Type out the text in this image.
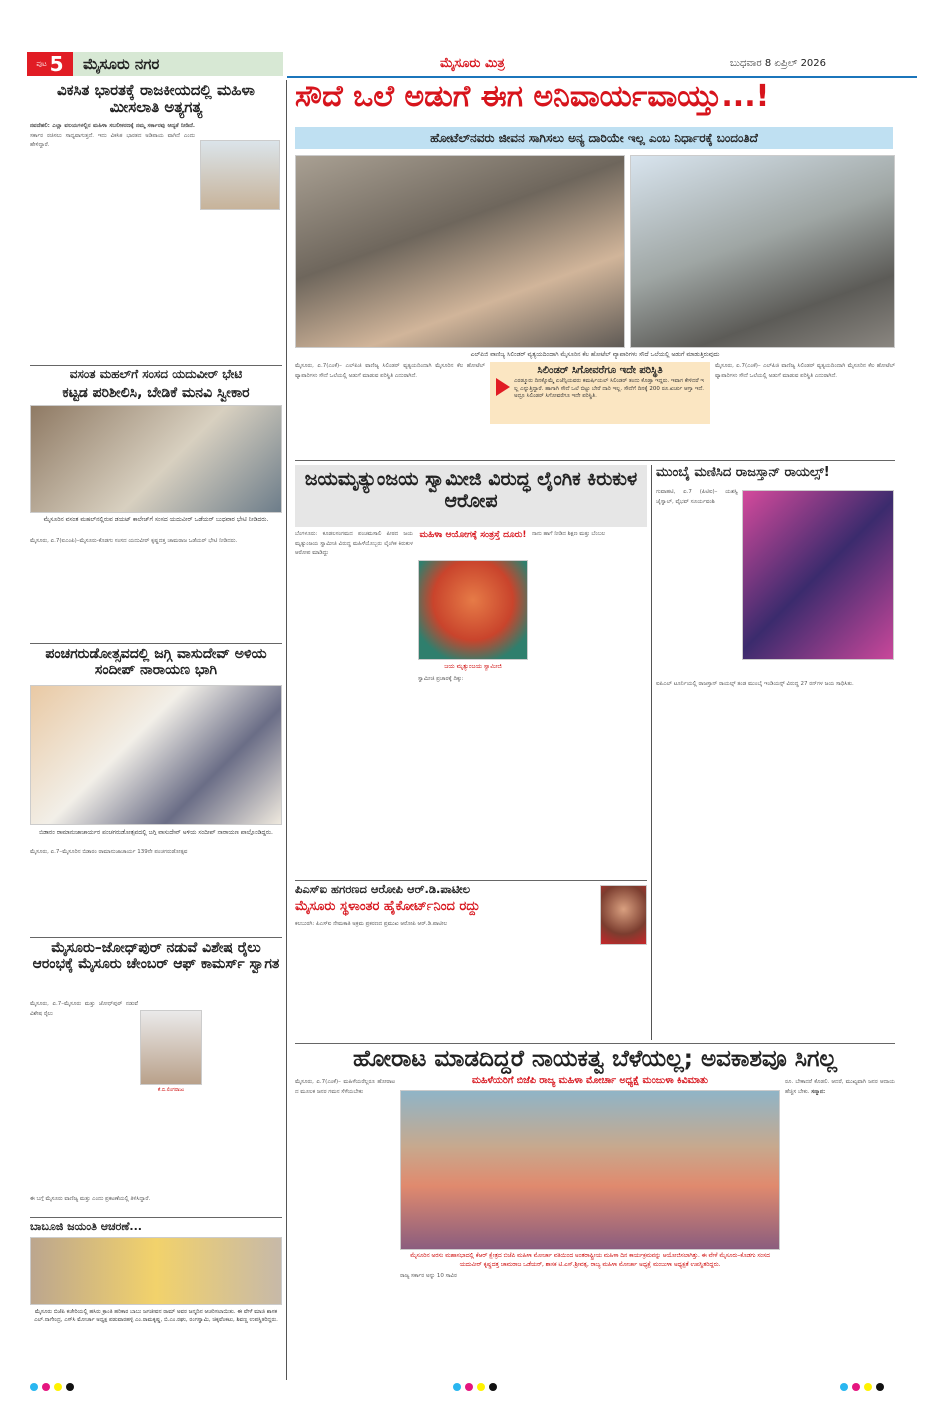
ಪುಟ 5	ಮೈಸೂರು ನಗರ	ಮೈಸೂರು ಮಿತ್ರ	ಬುಧವಾರ 8 ಏಪ್ರಿಲ್ 2026
ವಿಕಸಿತ ಭಾರತಕ್ಕೆ ರಾಜಕೀಯದಲ್ಲಿ ಮಹಿಳಾ ಮೀಸಲಾತಿ ಅತ್ಯಗತ್ಯ
ನವದೆಹಲಿ: ಎಲ್ಲಾ ವಲಯಗಳಲ್ಲಿನ ಮಹಿಳಾ ಸಬಲೀಕರಣಕ್ಕೆ ನಮ್ಮ ಸರ್ಕಾರವು ಆದ್ಯತೆ ನೀಡಿದೆ. ಸರ್ಕಾರ ರಚಿಸಲು ಸಾಧ್ಯವಾಗುತ್ತದೆ. ಇದು ವಿಕಸಿತ ಭಾರತದ ಅಡಿಪಾಯ ವಾಗಿದೆ ಎಂದು ಹೇಳಿದ್ದಾರೆ.
ವಸಂತ ಮಹಲ್‌ಗೆ ಸಂಸದ ಯದುವೀರ್ ಭೇಟಿ
ಕಟ್ಟಡ ಪರಿಶೀಲಿಸಿ, ಬೇಡಿಕೆ ಮನವಿ ಸ್ವೀಕಾರ
ಮೈಸೂರಿನ ವಸಂತ ಮಹಲ್‌ನಲ್ಲಿರುವ ಡಯಟ್ ಕಾಲೇಜ್‌ಗೆ ಸಂಸದ ಯದುವೀರ್ ಒಡೆಯರ್ ಬುಧವಾರ ಭೇಟಿ ನೀಡಿದರು.
ಮೈಸೂರು, ಏ.7(ಐಎಂಪಿ)–ಮೈಸೂರು-ಕೊಡಗು ಸಂಸದ ಯದುವೀರ್ ಕೃಷ್ಣದತ್ತ ಚಾಮರಾಜ ಒಡೆಯರ್ ಭೇಟಿ ನೀಡಿದರು.
ಪಂಚಗರುಡೋತ್ಸವದಲ್ಲಿ ಜಗ್ಗಿ ವಾಸುದೇವ್ ಅಳಿಯ ಸಂದೀಪ್ ನಾರಾಯಣ ಭಾಗಿ
ಬಿಡಾರಂ ರಾಮಾನುಜಾಚಾರ್ಯರ ಪಂಚಗರುಡೋತ್ಸವದಲ್ಲಿ ಜಗ್ಗಿ ವಾಸುದೇವ್ ಅಳಿಯ ಸಂದೀಪ್ ನಾರಾಯಣ ಪಾಲ್ಗೊಂಡಿದ್ದರು.
ಮೈಸೂರು, ಏ.7–ಮೈಸೂರಿನ ಬಿಡಾರಂ ರಾಮಾನುಜಾಚಾರ್ಯ 139ನೇ ಪಂಚಗರುಡೋತ್ಸವ
ಮೈಸೂರು–ಜೋಧ್‌ಪುರ್ ನಡುವೆ ವಿಶೇಷ ರೈಲು ಆರಂಭಕ್ಕೆ ಮೈಸೂರು ಚೇಂಬರ್ ಆಫ್ ಕಾಮರ್ಸ್ ಸ್ವಾಗತ
ಕೆ.ಬಿ.ಲಿಂಗರಾಜು
ಮೈಸೂರು, ಏ.7–ಮೈಸೂರು ಮತ್ತು ಜೋಧ್‌ಪುರ್ ನಡುವೆ ವಿಶೇಷ ರೈಲು
ಈ ಬಗ್ಗೆ ಮೈಸೂರು ವಾಣಿಜ್ಯ ಮತ್ತು ಎಂದು ಪ್ರಕಟಣೆಯಲ್ಲಿ ತಿಳಿಸಿದ್ದಾರೆ.
ಬಾಬೂಜಿ ಜಯಂತಿ ಆಚರಣೆ...
ಮೈಸೂರು ಬಿಜೆಪಿ ಕಚೇರಿಯಲ್ಲಿ ಹಸಿರು ಕ್ರಾಂತಿ ಹರಿಕಾರ ಬಾಬು ಜಗಜೀವನ ರಾಮ್ ಅವರ ಜನ್ಮದಿನ ಆಚರಿಸಲಾಯಿತು. ಈ ವೇಳೆ ಮಾಜಿ ಶಾಸಕ ಎಲ್.ನಾಗೇಂದ್ರ, ಎಸ್‌ಸಿ ಮೋರ್ಚಾ ಅಧ್ಯಕ್ಷ ಪಡುವಾರಹಳ್ಳಿ ಎಂ.ರಾಮಕೃಷ್ಣ, ಬಿ.ಎಂ.ರಘು, ರಂಗಸ್ವಾಮಿ, ಚಿಕ್ಕವೆಂಕಟು, ಶಿವಣ್ಣ ಉಪಸ್ಥಿತರಿದ್ದರು.
ಸೌದೆ ಒಲೆ ಅಡುಗೆ ಈಗ ಅನಿವಾರ್ಯವಾಯ್ತು...!
ಹೋಟೆಲ್‌ನವರು ಜೀವನ ಸಾಗಿಸಲು ಅನ್ಯ ದಾರಿಯೇ ಇಲ್ಲ ಎಂಬ ನಿರ್ಧಾರಕ್ಕೆ ಬಂದಂತಿದೆ
ಎಲ್‌ಪಿಜಿ ವಾಣಿಜ್ಯ ಸಿಲಿಂಡರ್ ವ್ಯತ್ಯಯದಿಂದಾಗಿ ಮೈಸೂರಿನ ಕೆಲ ಹೋಟೆಲ್ ವ್ಯಾಪಾರಿಗಳು ಸೌದೆ ಒಲೆಯಲ್ಲಿ ಅಡುಗೆ ಮಾಡುತ್ತಿರುವುದು
ಮೈಸೂರು, ಏ.7(ಎಂಕೆ)– ಎಲ್‌ಪಿಜಿ ವಾಣಿಜ್ಯ ಸಿಲಿಂಡರ್ ವ್ಯತ್ಯಯದಿಂದಾಗಿ ಮೈಸೂರಿನ ಕೆಲ ಹೋಟೆಲ್ ವ್ಯಾಪಾರಿಗಳು ಸೌದೆ ಒಲೆಯಲ್ಲಿ ಅಡುಗೆ ಮಾಡುವ ಪರಿಸ್ಥಿತಿ ಎದುರಾಗಿದೆ.	ಸಿಲಿಂಡರ್ ಸಿಗೋವರೆಗೂ ಇದೇ ಪರಿಸ್ಥಿತಿ
ಎರಡ್ಮೂರು ದಿನಕ್ಕೊಮ್ಮೆ ಏಜೆನ್ಸಿಯವರು ಕಮರ್ಷಿಯಲ್ ಸಿಲಿಂಡರ್ ತಂದು ಕೊಡ್ತಾ ಇದ್ದರು. ಇವಾಗ ಕೇಳಿದರೆ ಇಲ್ಲ ಎನ್ನುತ್ತಿದ್ದಾರೆ. ಹಾಗಾಗಿ ಸೌದೆ ಒಲೆ ಬಿಟ್ಟು ಬೇರೆ ದಾರಿ ಇಲ್ಲ. ಸೌದೆಗೆ ದಿನಕ್ಕೆ 200 ರೂ.ಖರ್ಚು ಆಗ್ತಾ ಇದೆ. ಅದ್ರೂ ಸಿಲಿಂಡರ್ ಸಿಗೋವರೆಗೂ ಇದೇ ಪರಿಸ್ಥಿತಿ.
ಮೈಸೂರು, ಏ.7(ಎಂಕೆ)– ಎಲ್‌ಪಿಜಿ ವಾಣಿಜ್ಯ ಸಿಲಿಂಡರ್ ವ್ಯತ್ಯಯದಿಂದಾಗಿ ಮೈಸೂರಿನ ಕೆಲ ಹೋಟೆಲ್ ವ್ಯಾಪಾರಿಗಳು ಸೌದೆ ಒಲೆಯಲ್ಲಿ ಅಡುಗೆ ಮಾಡುವ ಪರಿಸ್ಥಿತಿ ಎದುರಾಗಿದೆ.
ಜಯಮೃತ್ಯುಂಜಯ ಸ್ವಾಮೀಜಿ ವಿರುದ್ಧ ಲೈಂಗಿಕ ಕಿರುಕುಳ ಆರೋಪ
ಬೆಂಗಳೂರು: ಕೂಡಲಸಂಗಮದ ಪಂಚಮಸಾಲಿ ಪೀಠದ ಜಯಮೃತ್ಯುಂಜಯ ಸ್ವಾಮೀಜಿ ವಿರುದ್ಧ ಮಹಿಳೆಯೊಬ್ಬರು ಲೈಂಗಿಕ ಕಿರುಕುಳ ಆರೋಪ ಮಾಡಿದ್ದು
ಮಹಿಳಾ ಆಯೋಗಕ್ಕೆ ಸಂತ್ರಸ್ತೆ ದೂರು!
ಜಯ ಮೃತ್ಯುಂಜಯ ಸ್ವಾಮೀಜಿ
ಸ್ವಾಮೀಜಿ ಪ್ರಚಾರಕ್ಕೆ ದಿಕ್ಕು:
ನಾನು ಹಾಗೆ ನೀಡಿದ ಶಿಕ್ಷಣ ಮತ್ತು ಬೆಂಬಲ
ಮುಂಬೈ ಮಣಿಸಿದ ರಾಜಸ್ತಾನ್ ರಾಯಲ್ಸ್!
ಗುವಾಹಟಿ, ಏ.7 (ಪಿಟಿಐ)– ಯಶಸ್ವಿ ಜೈಸ್ವಾಲ್, ವೈಭವ್ ಸೂರ್ಯವಂಶಿ
ಐಪಿಎಲ್ ಟೂರ್ನಿಯಲ್ಲಿ ರಾಜಸ್ತಾನ್ ರಾಯಲ್ಸ್ ತಂಡ ಮುಂಬೈ ಇಂಡಿಯನ್ಸ್ ವಿರುದ್ಧ 27 ರನ್‌ಗಳ ಜಯ ಸಾಧಿಸಿತು.
ಪಿಎಸ್‌ಐ ಹಗರಣದ ಆರೋಪಿ ಆರ್.ಡಿ.ಪಾಟೀಲ
ಮೈಸೂರು ಸ್ಥಳಾಂತರ ಹೈಕೋರ್ಟ್‌ನಿಂದ ರದ್ದು
ಕಲಬುರಗಿ: ಪಿಎಸ್‌ಐ ನೇಮಕಾತಿ ಅಕ್ರಮ ಪ್ರಕರಣದ ಪ್ರಮುಖ ಆರೋಪಿ ಆರ್.ಡಿ.ಪಾಟೀಲ
ಹೋರಾಟ ಮಾಡದಿದ್ದರೆ ನಾಯಕತ್ವ ಬೆಳೆಯಲ್ಲ; ಅವಕಾಶವೂ ಸಿಗಲ್ಲ
ಮೈಸೂರು, ಏ.7(ಎಂಕೆ)– ಮಹಿಳೆಯರೆಲ್ಲರೂ ಹೋರಾಟದ ಮೂಲಕ ಜನರ ಗಮನ ಸೆಳೆಯಬೇಕು
ಮಹಿಳೆಯರಿಗೆ ಬಿಜೆಪಿ ರಾಜ್ಯ ಮಹಿಳಾ ಮೋರ್ಚಾ ಅಧ್ಯಕ್ಷೆ ಮಂಜುಳಾ ಕಿವಿಮಾತು
ಮೈಸೂರಿನ ಅರಸು ಮಹಾಸಭಾದಲ್ಲಿ ಕೆಆರ್ ಕ್ಷೇತ್ರದ ಬಿಜೆಪಿ ಮಹಿಳಾ ಮೋರ್ಚಾ ವತಿಯಿಂದ ಅಂತರಾಷ್ಟ್ರೀಯ ಮಹಿಳಾ ದಿನ ಕಾರ್ಯಕ್ರಮವನ್ನು ಆಯೋಜಿಸಲಾಗಿತ್ತು. ಈ ವೇಳೆ ಮೈಸೂರು–ಕೊಡಗು ಸಂಸದ ಯದುವೀರ್ ಕೃಷ್ಣದತ್ತ ಚಾಮರಾಜ ಒಡೆಯರ್, ಶಾಸಕ ಟಿ.ಎಸ್.ಶ್ರೀವತ್ಸ, ರಾಜ್ಯ ಮಹಿಳಾ ಮೋರ್ಚಾ ಅಧ್ಯಕ್ಷೆ ಮಂಜುಳಾ ಅಧ್ಯಕ್ಷತೆ ಉಪಸ್ಥಿತರಿದ್ದರು.
ರಾಜ್ಯ ಸರ್ಕಾರ ಅನ್ನು 10 ಸಾವಿರ
ರೂ. ಬೇಕಾದರೆ ಕೊಡಲಿ. ಆದರೆ, ಮುಖ್ಯವಾಗಿ ಜನರ ಆದಾಯ ಹೆಚ್ಚಿಸ ಬೇಕು. ಸನ್ಮಾನ:
